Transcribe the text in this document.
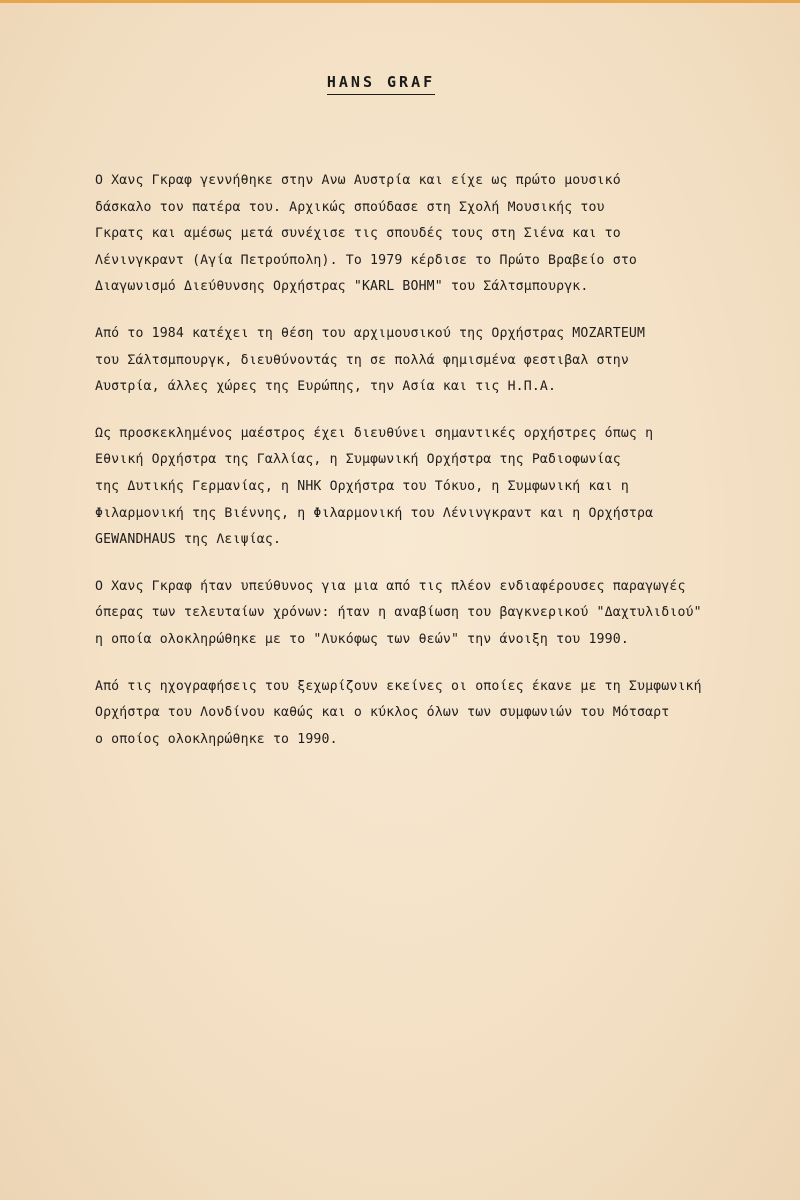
HANS GRAF
Ο Χανς Γκραφ γεννήθηκε στην Ανω Αυστρία και είχε ως πρώτο μουσικό
δάσκαλο τον πατέρα του. Αρχικώς σπούδασε στη Σχολή Μουσικής του
Γκρατς και αμέσως μετά συνέχισε τις σπουδές τους στη Σιένα και το
Λένινγκραντ (Αγία Πετρούπολη). Το 1979 κέρδισε το Πρώτο Βραβείο στο
Διαγωνισμό Διεύθυνσης Ορχήστρας "KARL BOHM" του Σάλτσμπουργκ.
Από το 1984 κατέχει τη θέση του αρχιμουσικού της Ορχήστρας MOZARTEUM
του Σάλτσμπουργκ, διευθύνοντάς τη σε πολλά φημισμένα φεστιβαλ στην
Αυστρία, άλλες χώρες της Ευρώπης, την Ασία και τις Η.Π.Α.
Ως προσκεκλημένος μαέστρος έχει διευθύνει σημαντικές ορχήστρες όπως η
Εθνική Ορχήστρα της Γαλλίας, η Συμφωνική Ορχήστρα της Ραδιοφωνίας
της Δυτικής Γερμανίας, η NHK Ορχήστρα του Τόκυο, η Συμφωνική και η
Φιλαρμονική της Βιέννης, η Φιλαρμονική του Λένινγκραντ και η Ορχήστρα
GEWANDHAUS της Λειψίας.
Ο Χανς Γκραφ ήταν υπεύθυνος για μια από τις πλέον ενδιαφέρουσες παραγωγές
όπερας των τελευταίων χρόνων: ήταν η αναβίωση του βαγκνερικού "Δαχτυλιδιού"
η οποία ολοκληρώθηκε με το "Λυκόφως των θεών" την άνοιξη του 1990.
Από τις ηχογραφήσεις του ξεχωρίζουν εκείνες οι οποίες έκανε με τη Συμφωνική
Ορχήστρα του Λονδίνου καθώς και ο κύκλος όλων των συμφωνιών του Μότσαρτ
ο οποίος ολοκληρώθηκε το 1990.
